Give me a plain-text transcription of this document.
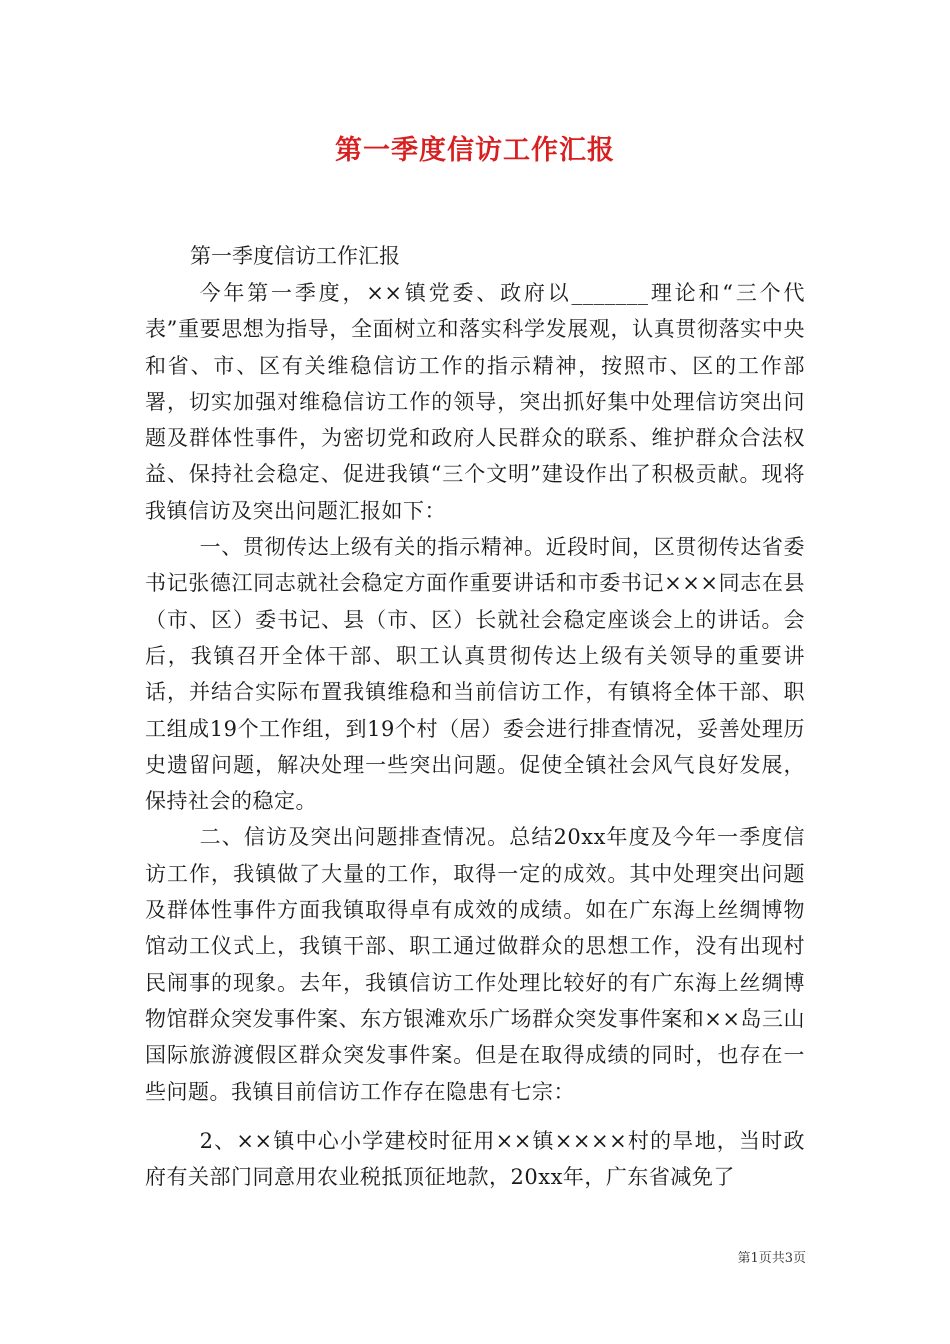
第一季度信访工作汇报
第一季度信访工作汇报

今年第一季度，××镇党委、政府以_______理论和“三个代表”重要思想为指导，全面树立和落实科学发展观，认真贯彻落实中央和省、市、区有关维稳信访工作的指示精神，按照市、区的工作部署，切实加强对维稳信访工作的领导，突出抓好集中处理信访突出问题及群体性事件，为密切党和政府人民群众的联系、维护群众合法权益、保持社会稳定、促进我镇“三个文明”建设作出了积极贡献。现将我镇信访及突出问题汇报如下：

一、贯彻传达上级有关的指示精神。近段时间，区贯彻传达省委书记张德江同志就社会稳定方面作重要讲话和市委书记×××同志在县（市、区）委书记、县（市、区）长就社会稳定座谈会上的讲话。会后，我镇召开全体干部、职工认真贯彻传达上级有关领导的重要讲话，并结合实际布置我镇维稳和当前信访工作，有镇将全体干部、职工组成19个工作组，到19个村（居）委会进行排查情况，妥善处理历史遗留问题，解决处理一些突出问题。促使全镇社会风气良好发展，保持社会的稳定。

二、信访及突出问题排查情况。总结20xx年度及今年一季度信访工作，我镇做了大量的工作，取得一定的成效。其中处理突出问题及群体性事件方面我镇取得卓有成效的成绩。如在广东海上丝绸博物馆动工仪式上，我镇干部、职工通过做群众的思想工作，没有出现村民闹事的现象。去年，我镇信访工作处理比较好的有广东海上丝绸博物馆群众突发事件案、东方银滩欢乐广场群众突发事件案和××岛三山国际旅游渡假区群众突发事件案。但是在取得成绩的同时，也存在一些问题。我镇目前信访工作存在隐患有七宗：

2、××镇中心小学建校时征用××镇××××村的旱地，当时政府有关部门同意用农业税抵顶征地款，20xx年，广东省减免了

第1页共3页
